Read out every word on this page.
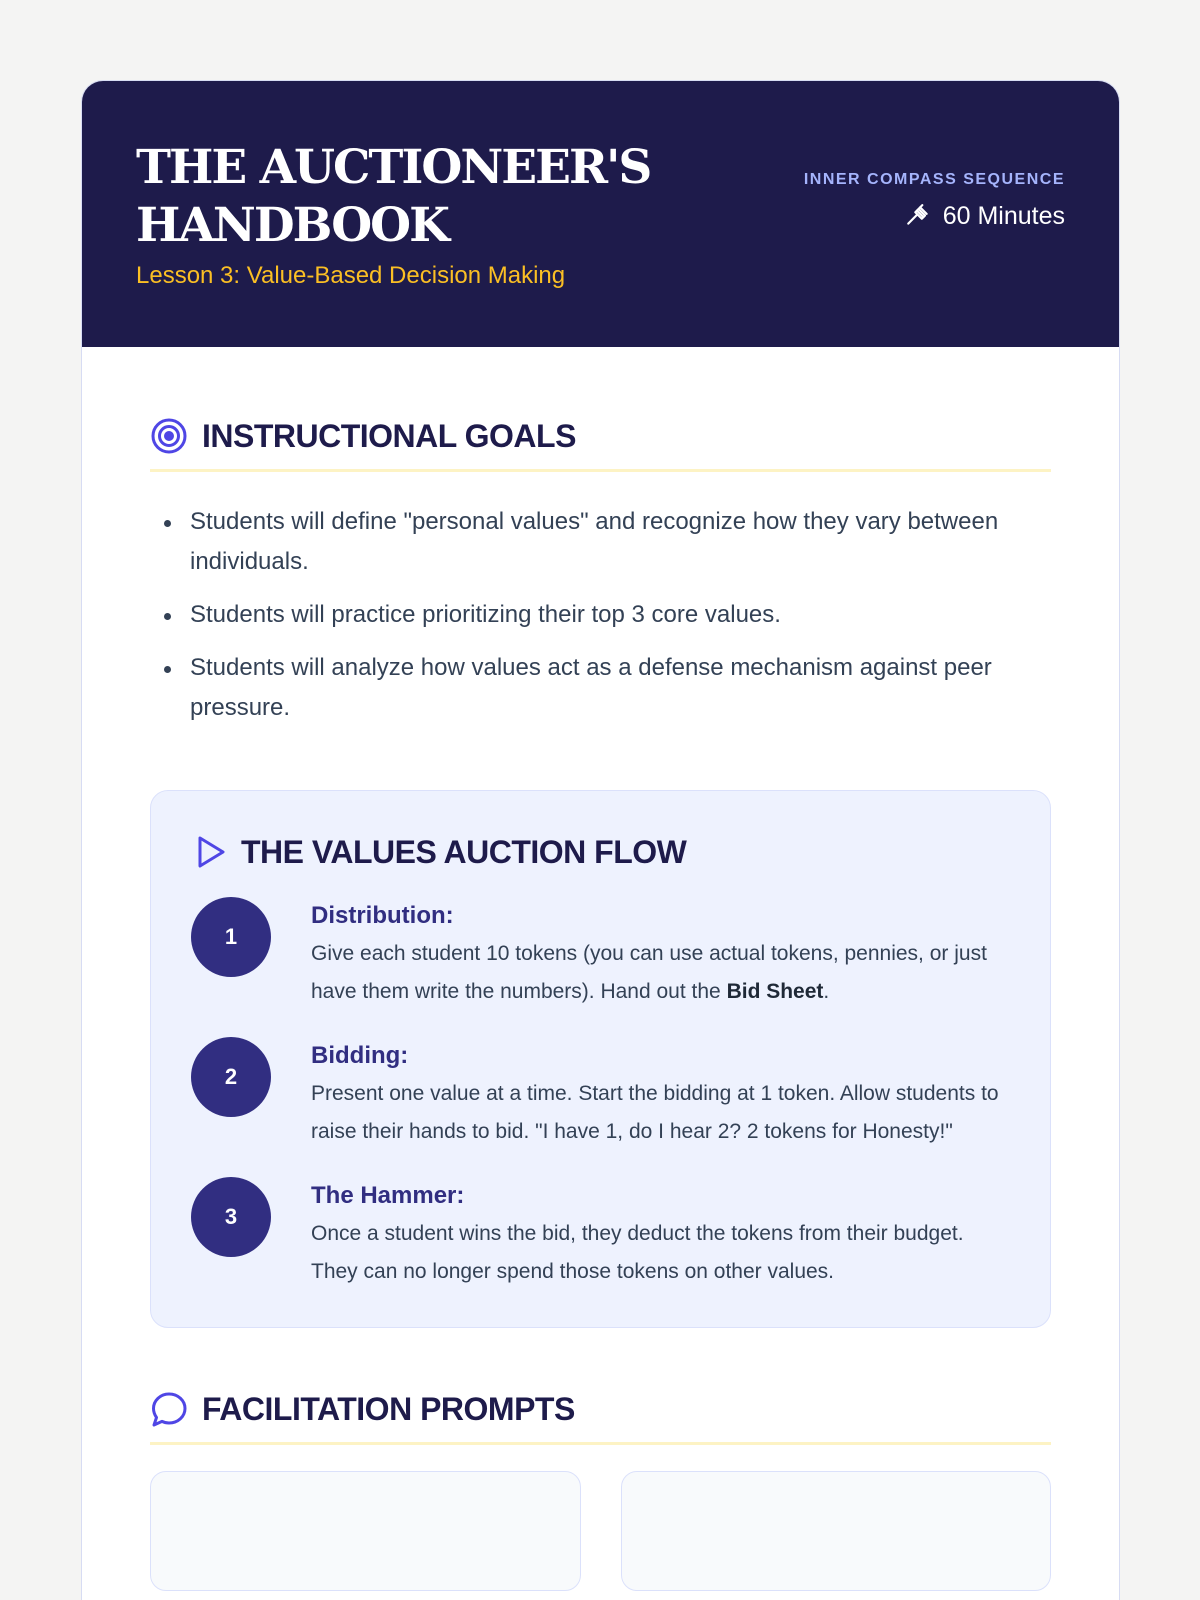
THE AUCTIONEER'S HANDBOOK
Lesson 3: Value-Based Decision Making
INNER COMPASS SEQUENCE
60 Minutes
INSTRUCTIONAL GOALS
Students will define "personal values" and recognize how they vary between individuals.
Students will practice prioritizing their top 3 core values.
Students will analyze how values act as a defense mechanism against peer pressure.
THE VALUES AUCTION FLOW
1
Distribution:
Give each student 10 tokens (you can use actual tokens, pennies, or just have them write the numbers). Hand out the Bid Sheet.
2
Bidding:
Present one value at a time. Start the bidding at 1 token. Allow students to raise their hands to bid. "I have 1, do I hear 2? 2 tokens for Honesty!"
3
The Hammer:
Once a student wins the bid, they deduct the tokens from their budget. They can no longer spend those tokens on other values.
FACILITATION PROMPTS
